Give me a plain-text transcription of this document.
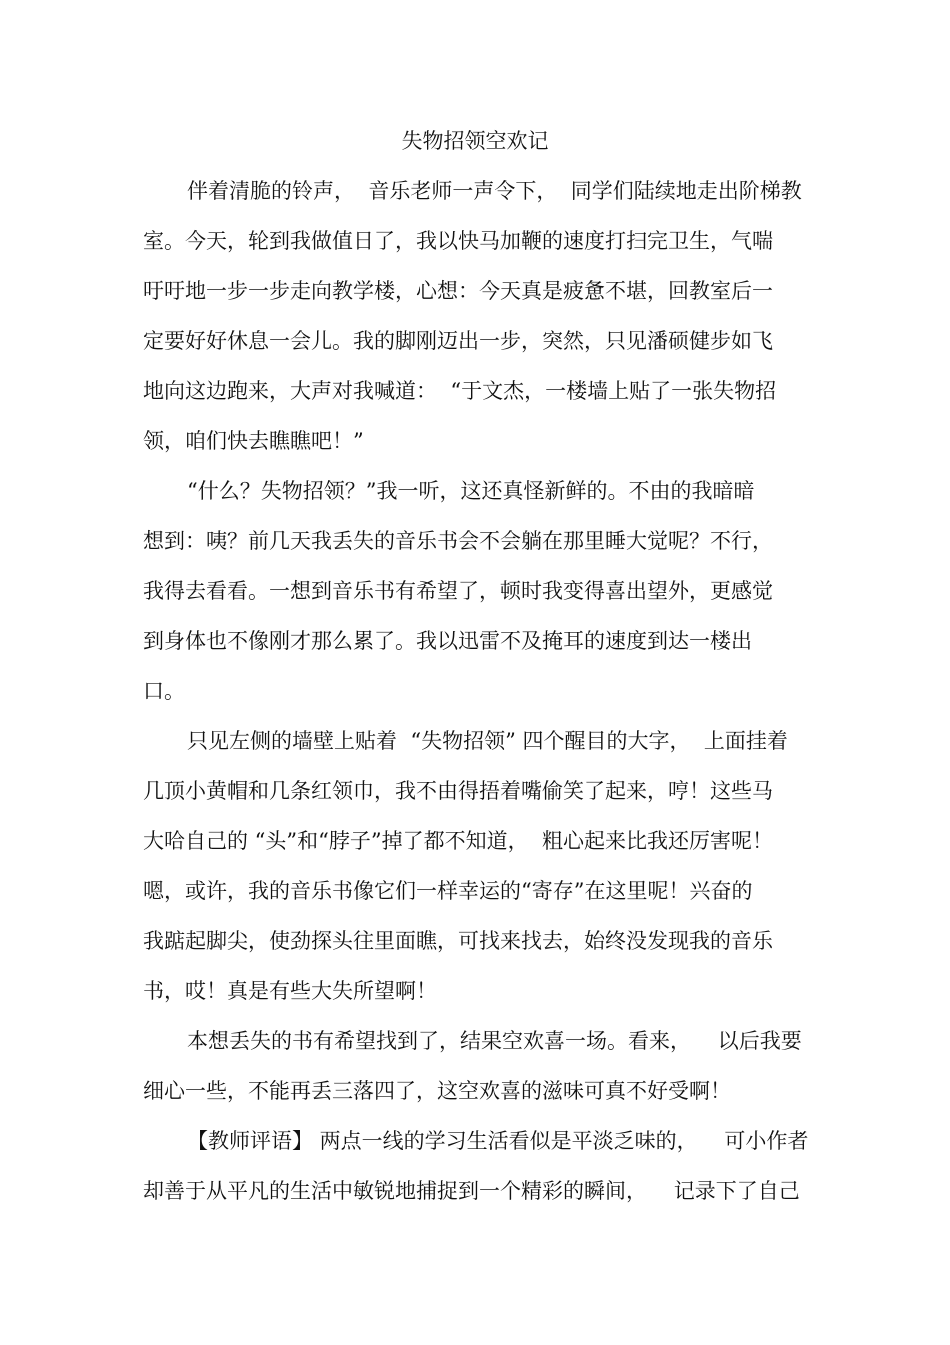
失物招领空欢记
伴着清脆的铃声，  音乐老师一声令下，  同学们陆续地走出阶梯教
室。今天，轮到我做值日了，我以快马加鞭的速度打扫完卫生，气喘
吁吁地一步一步走向教学楼，心想：今天真是疲惫不堪，回教室后一
定要好好休息一会儿。我的脚刚迈出一步，突然，只见潘硕健步如飞
地向这边跑来，大声对我喊道：  “于文杰，一楼墙上贴了一张失物招
领，咱们快去瞧瞧吧！”
“什么？失物招领？”我一听，这还真怪新鲜的。不由的我暗暗
想到：咦？前几天我丢失的音乐书会不会躺在那里睡大觉呢？不行，
我得去看看。一想到音乐书有希望了，顿时我变得喜出望外，更感觉
到身体也不像刚才那么累了。我以迅雷不及掩耳的速度到达一楼出
口。
只见左侧的墙壁上贴着  “失物招领” 四个醒目的大字，  上面挂着
几顶小黄帽和几条红领巾，我不由得捂着嘴偷笑了起来，哼！这些马
大哈自己的 “头”和“脖子”掉了都不知道，  粗心起来比我还厉害呢！
嗯，或许，我的音乐书像它们一样幸运的“寄存”在这里呢！兴奋的
我踮起脚尖，使劲探头往里面瞧，可找来找去，始终没发现我的音乐
书，哎！真是有些大失所望啊！
本想丢失的书有希望找到了，结果空欢喜一场。看来，    以后我要
细心一些，不能再丢三落四了，这空欢喜的滋味可真不好受啊！
【教师评语】 两点一线的学习生活看似是平淡乏味的，    可小作者
却善于从平凡的生活中敏锐地捕捉到一个精彩的瞬间，    记录下了自己
